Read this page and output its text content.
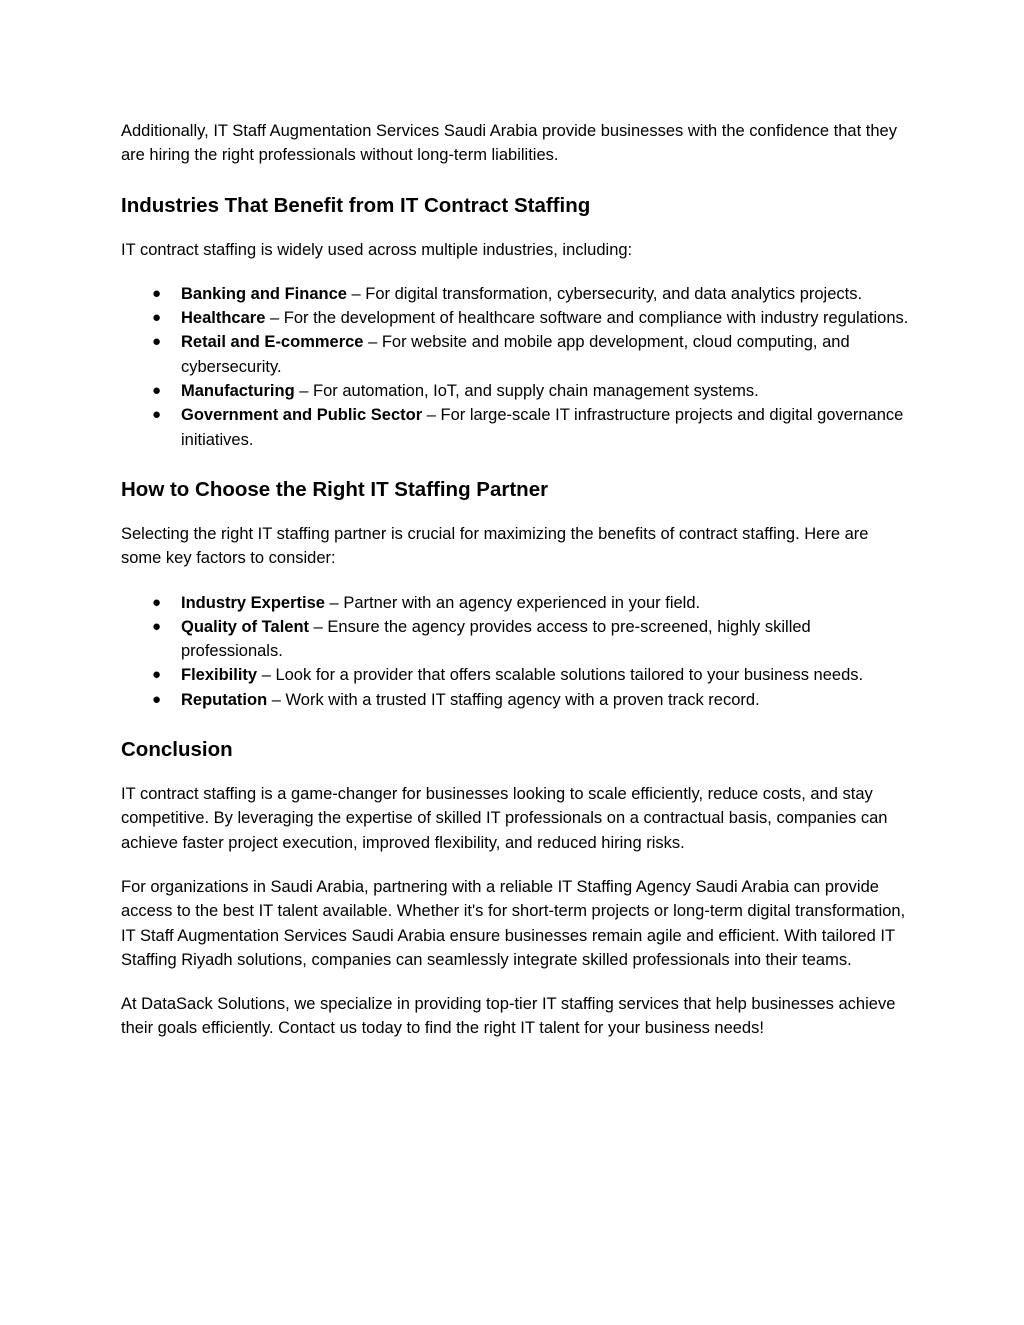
Additionally, IT Staff Augmentation Services Saudi Arabia provide businesses with the confidence that they are hiring the right professionals without long-term liabilities.

Industries That Benefit from IT Contract Staffing

IT contract staffing is widely used across multiple industries, including:

● Banking and Finance – For digital transformation, cybersecurity, and data analytics projects.
● Healthcare – For the development of healthcare software and compliance with industry regulations.
● Retail and E-commerce – For website and mobile app development, cloud computing, and cybersecurity.
● Manufacturing – For automation, IoT, and supply chain management systems.
● Government and Public Sector – For large-scale IT infrastructure projects and digital governance initiatives.
How to Choose the Right IT Staffing Partner

Selecting the right IT staffing partner is crucial for maximizing the benefits of contract staffing. Here are some key factors to consider:

● Industry Expertise – Partner with an agency experienced in your field.
● Quality of Talent – Ensure the agency provides access to pre-screened, highly skilled professionals.
● Flexibility – Look for a provider that offers scalable solutions tailored to your business needs.
● Reputation – Work with a trusted IT staffing agency with a proven track record.
Conclusion

IT contract staffing is a game-changer for businesses looking to scale efficiently, reduce costs, and stay competitive. By leveraging the expertise of skilled IT professionals on a contractual basis, companies can achieve faster project execution, improved flexibility, and reduced hiring risks.

For organizations in Saudi Arabia, partnering with a reliable IT Staffing Agency Saudi Arabia can provide access to the best IT talent available. Whether it's for short-term projects or long-term digital transformation, IT Staff Augmentation Services Saudi Arabia ensure businesses remain agile and efficient. With tailored IT Staffing Riyadh solutions, companies can seamlessly integrate skilled professionals into their teams.

At DataSack Solutions, we specialize in providing top-tier IT staffing services that help businesses achieve their goals efficiently. Contact us today to find the right IT talent for your business needs!
